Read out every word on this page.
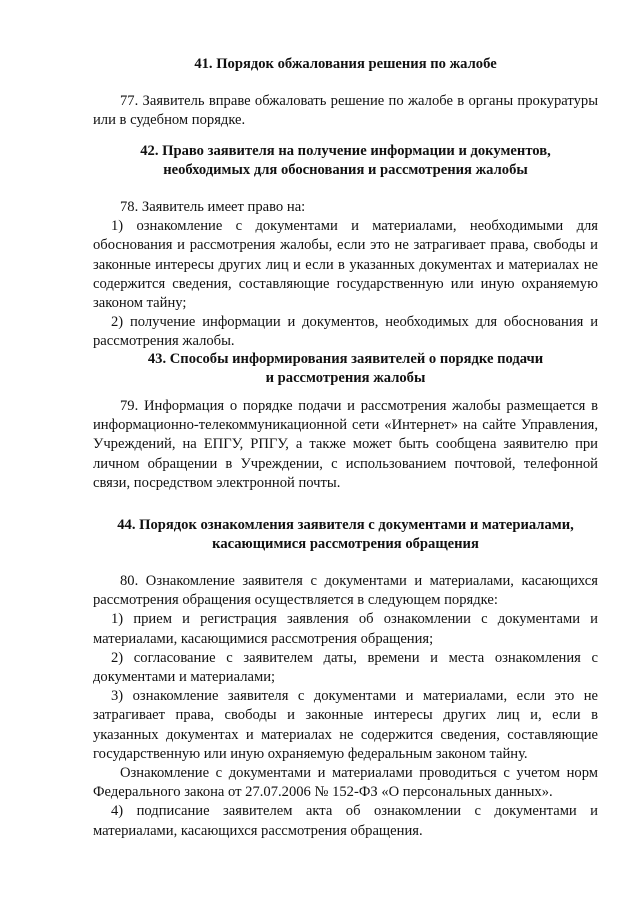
41. Порядок обжалования решения по жалобе

77. Заявитель вправе обжаловать решение по жалобе в органы прокуратуры или в судебном порядке.

42. Право заявителя на получение информации и документов,
необходимых для обоснования и рассмотрения жалобы

78. Заявитель имеет право на:

1) ознакомление с документами и материалами, необходимыми для обоснования и рассмотрения жалобы, если это не затрагивает права, свободы и законные интересы других лиц и если в указанных документах и материалах не содержится сведения, составляющие государственную или иную охраняемую законом тайну;

2) получение информации и документов, необходимых для обоснования и рассмотрения жалобы.

43. Способы информирования заявителей о порядке подачи
и рассмотрения жалобы

79. Информация о порядке подачи и рассмотрения жалобы размещается в информационно-телекоммуникационной сети «Интернет» на сайте Управления, Учреждений, на ЕПГУ, РПГУ, а также может быть сообщена заявителю при личном обращении в Учреждении, с использованием почтовой, телефонной связи, посредством электронной почты.

44. Порядок ознакомления заявителя с документами и материалами,
касающимися рассмотрения обращения

80. Ознакомление заявителя с документами и материалами, касающихся рассмотрения обращения осуществляется в следующем порядке:

1) прием и регистрация заявления об ознакомлении с документами и материалами, касающимися рассмотрения обращения;

2) согласование с заявителем даты, времени и места ознакомления с документами и материалами;

3) ознакомление заявителя с документами и материалами, если это не затрагивает права, свободы и законные интересы других лиц и, если в указанных документах и материалах не содержится сведения, составляющие государственную или иную охраняемую федеральным законом тайну.

Ознакомление с документами и материалами проводиться с учетом норм Федерального закона от 27.07.2006 № 152-ФЗ «О персональных данных».

4) подписание заявителем акта об ознакомлении с документами и материалами, касающихся рассмотрения обращения.
